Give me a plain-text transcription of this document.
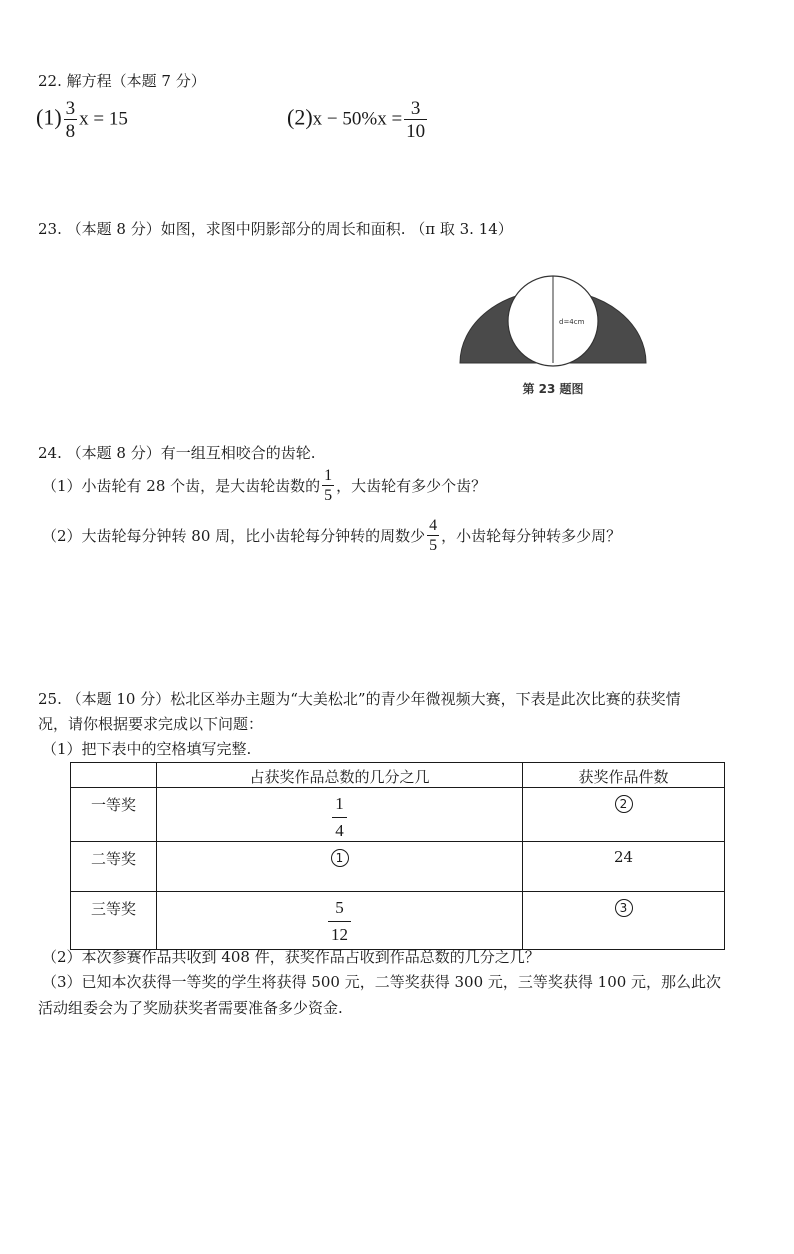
22. 解方程（本题 7 分）
$(1) \frac{3}{8}$ x = 15	$(2)x - 50\%x = \frac{3}{10}$
23. （本题 8 分）如图，求图中阴影部分的周长和面积. （π 取 3. 14）
d=4cm
第 23 题图
24. （本题 8 分）有一组互相咬合的齿轮.
（1）小齿轮有 28 个齿，是大齿轮齿数的 $\frac{1}{5}$ ，大齿轮有多少个齿？
（2）大齿轮每分钟转 80 周，比小齿轮每分钟转的周数少 $\frac{4}{5}$ ，小齿轮每分钟转多少周？
25. （本题 10 分）松北区举办主题为“大美松北”的青少年微视频大赛，下表是此次比赛的获奖情
况，请你根据要求完成以下问题：
（1）把下表中的空格填写完整.
	占获奖作品总数的几分之几	获奖作品件数
一等奖	$\frac{1}{4}$	2
二等奖	1	24
三等奖	$\frac{5}{12}$	3
（2）本次参赛作品共收到 408 件，获奖作品占收到作品总数的几分之几？
（3）已知本次获得一等奖的学生将获得 500 元，二等奖获得 300 元，三等奖获得 100 元，那么此次
活动组委会为了奖励获奖者需要准备多少资金.
